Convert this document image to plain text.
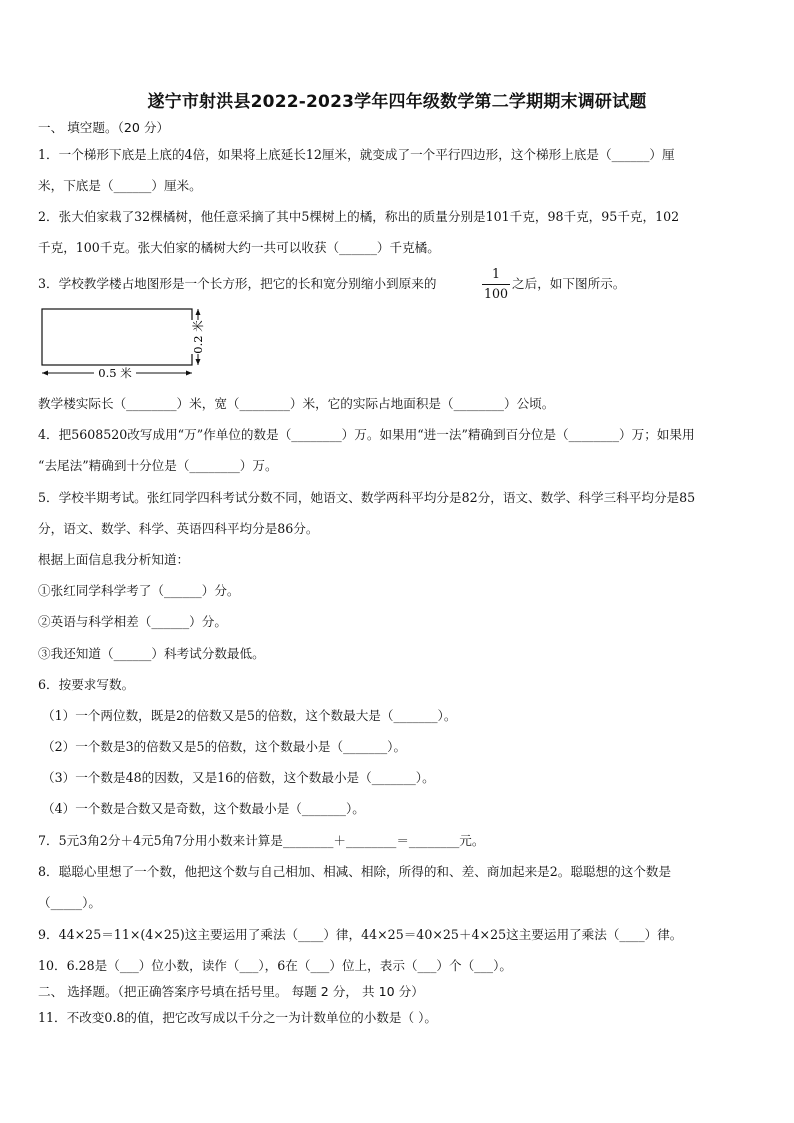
遂宁市射洪县2022-2023学年四年级数学第二学期期末调研试题
一、 填空题。（20 分）
1．一个梯形下底是上底的4倍，如果将上底延长12厘米，就变成了一个平行四边形，这个梯形上底是（______）厘
米，下底是（______）厘米。
2．张大伯家栽了32棵橘树，他任意采摘了其中5棵树上的橘，称出的质量分别是101千克，98千克，95千克，102
千克，100千克。张大伯家的橘树大约一共可以收获（______）千克橘。
3．学校教学楼占地图形是一个长方形，把它的长和宽分别缩小到原来的
1
100
之后，如下图所示。
0.5 米
0.2 米
教学楼实际长（________）米，宽（________）米，它的实际占地面积是（________）公顷。
4．把5608520改写成用“万”作单位的数是（________）万。如果用“进一法”精确到百分位是（________）万；如果用
“去尾法”精确到十分位是（________）万。
5．学校半期考试。张红同学四科考试分数不同，她语文、数学两科平均分是82分，语文、数学、科学三科平均分是85
分，语文、数学、科学、英语四科平均分是86分。
根据上面信息我分析知道：
①张红同学科学考了（______）分。
②英语与科学相差（______）分。
③我还知道（______）科考试分数最低。
6．按要求写数。
（1）一个两位数，既是2的倍数又是5的倍数，这个数最大是（_______）。
（2）一个数是3的倍数又是5的倍数，这个数最小是（_______）。
（3）一个数是48的因数，又是16的倍数，这个数最小是（_______）。
（4）一个数是合数又是奇数，这个数最小是（_______）。
7．5元3角2分＋4元5角7分用小数来计算是________＋________＝________元。
8．聪聪心里想了一个数，他把这个数与自己相加、相减、相除，所得的和、差、商加起来是2。聪聪想的这个数是
（_____）。
9．44×25＝11×(4×25)这主要运用了乘法（____）律，44×25＝40×25＋4×25这主要运用了乘法（____）律。
10．6.28是（___）位小数，读作（___），6在（___）位上，表示（___）个（___）。
二、 选择题。（把正确答案序号填在括号里。 每题 2 分， 共 10 分）
11．不改变0.8的值，把它改写成以千分之一为计数单位的小数是（ ）。
